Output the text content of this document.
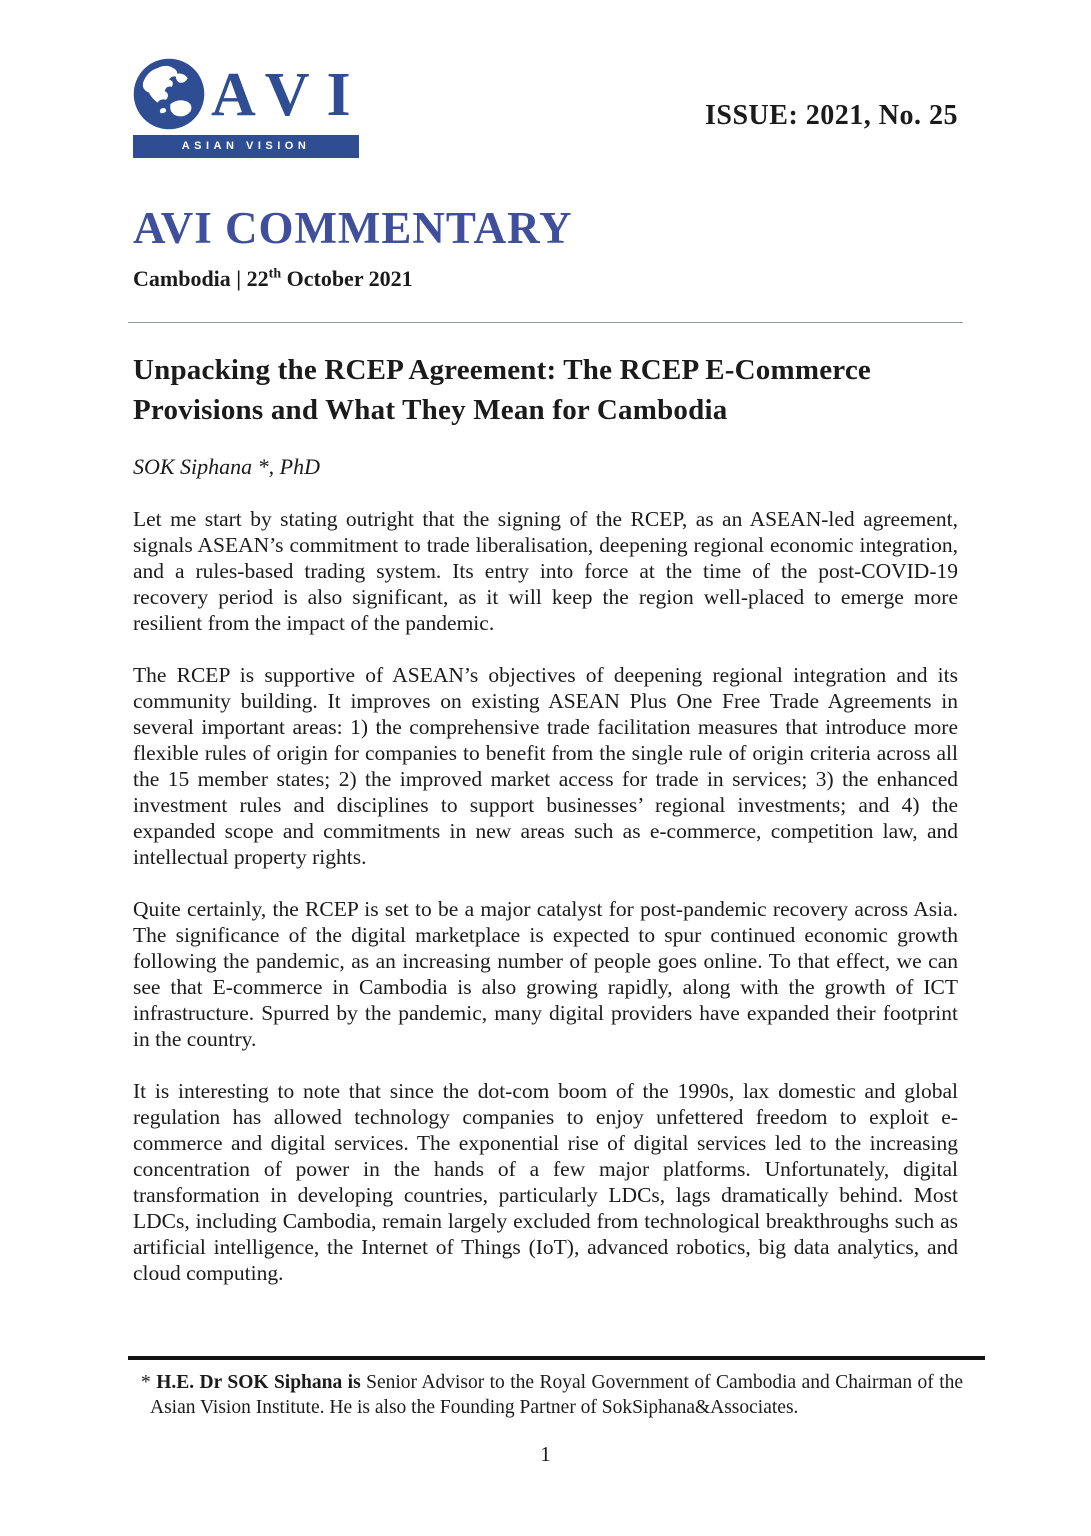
AVI
ASIAN VISION INSTITUTE
ISSUE: 2021, No. 25
AVI COMMENTARY

Cambodia | 22th October 2021

Unpacking the RCEP Agreement: The RCEP E-Commerce Provisions and What They Mean for Cambodia

SOK Siphana *, PhD

Let me start by stating outright that the signing of the RCEP, as an ASEAN-led agreement, signals ASEAN’s commitment to trade liberalisation, deepening regional economic integration, and a rules-based trading system. Its entry into force at the time of the post-COVID-19 recovery period is also significant, as it will keep the region well-placed to emerge more resilient from the impact of the pandemic.

The RCEP is supportive of ASEAN’s objectives of deepening regional integration and its community building. It improves on existing ASEAN Plus One Free Trade Agreements in several important areas: 1) the comprehensive trade facilitation measures that introduce more flexible rules of origin for companies to benefit from the single rule of origin criteria across all the 15 member states; 2) the improved market access for trade in services; 3) the enhanced investment rules and disciplines to support businesses’ regional investments; and 4) the expanded scope and commitments in new areas such as e-commerce, competition law, and intellectual property rights.

Quite certainly, the RCEP is set to be a major catalyst for post-pandemic recovery across Asia. The significance of the digital marketplace is expected to spur continued economic growth following the pandemic, as an increasing number of people goes online. To that effect, we can see that E-commerce in Cambodia is also growing rapidly, along with the growth of ICT infrastructure. Spurred by the pandemic, many digital providers have expanded their footprint in the country.

It is interesting to note that since the dot-com boom of the 1990s, lax domestic and global regulation has allowed technology companies to enjoy unfettered freedom to exploit e-commerce and digital services. The exponential rise of digital services led to the increasing concentration of power in the hands of a few major platforms. Unfortunately, digital transformation in developing countries, particularly LDCs, lags dramatically behind. Most LDCs, including Cambodia, remain largely excluded from technological breakthroughs such as artificial intelligence, the Internet of Things (IoT), advanced robotics, big data analytics, and cloud computing.

* H.E. Dr SOK Siphana is Senior Advisor to the Royal Government of Cambodia and Chairman of the Asian Vision Institute. He is also the Founding Partner of SokSiphana&Associates.

1
